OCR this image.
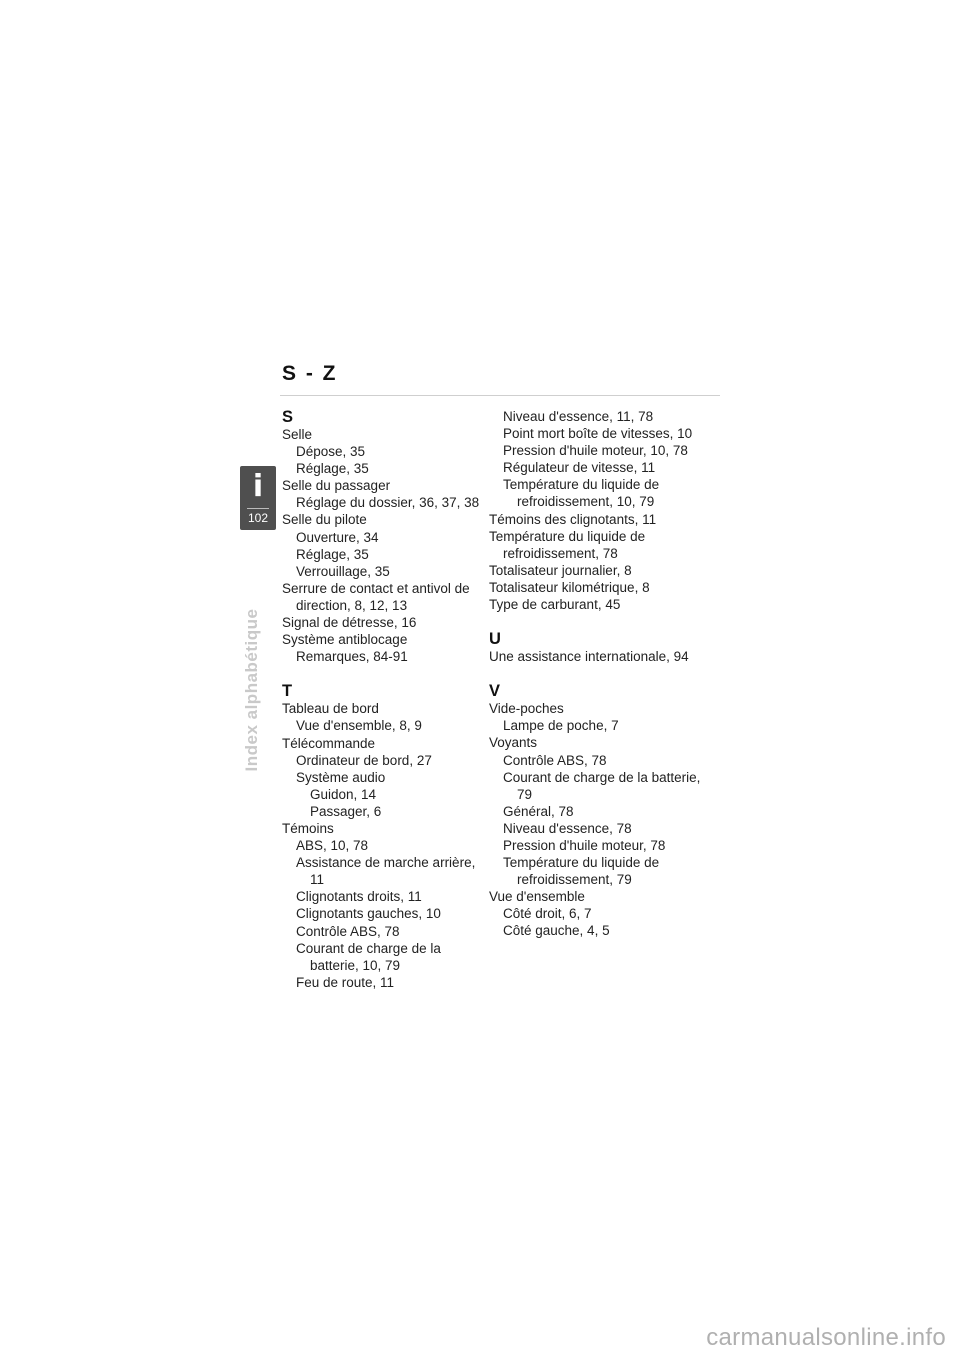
S - Z
i
102
Index alphabétique
S
Selle
Dépose, 35
Réglage, 35
Selle du passager
Réglage du dossier, 36, 37, 38
Selle du pilote
Ouverture, 34
Réglage, 35
Verrouillage, 35
Serrure de contact et antivol de direction, 8, 12, 13
Signal de détresse, 16
Système antiblocage
Remarques, 84-91
T
Tableau de bord
Vue d'ensemble, 8, 9
Télécommande
Ordinateur de bord, 27
Système audio
Guidon, 14
Passager, 6
Témoins
ABS, 10, 78
Assistance de marche arrière, 11
Clignotants droits, 11
Clignotants gauches, 10
Contrôle ABS, 78
Courant de charge de la batterie, 10, 79
Feu de route, 11
Niveau d'essence, 11, 78
Point mort boîte de vitesses, 10
Pression d'huile moteur, 10, 78
Régulateur de vitesse, 11
Température du liquide de refroidissement, 10, 79
Témoins des clignotants, 11
Température du liquide de refroidissement, 78
Totalisateur journalier, 8
Totalisateur kilométrique, 8
Type de carburant, 45
U
Une assistance internationale, 94
V
Vide-poches
Lampe de poche, 7
Voyants
Contrôle ABS, 78
Courant de charge de la batterie, 79
Général, 78
Niveau d'essence, 78
Pression d'huile moteur, 78
Température du liquide de refroidissement, 79
Vue d'ensemble
Côté droit, 6, 7
Côté gauche, 4, 5
carmanualsonline.info
